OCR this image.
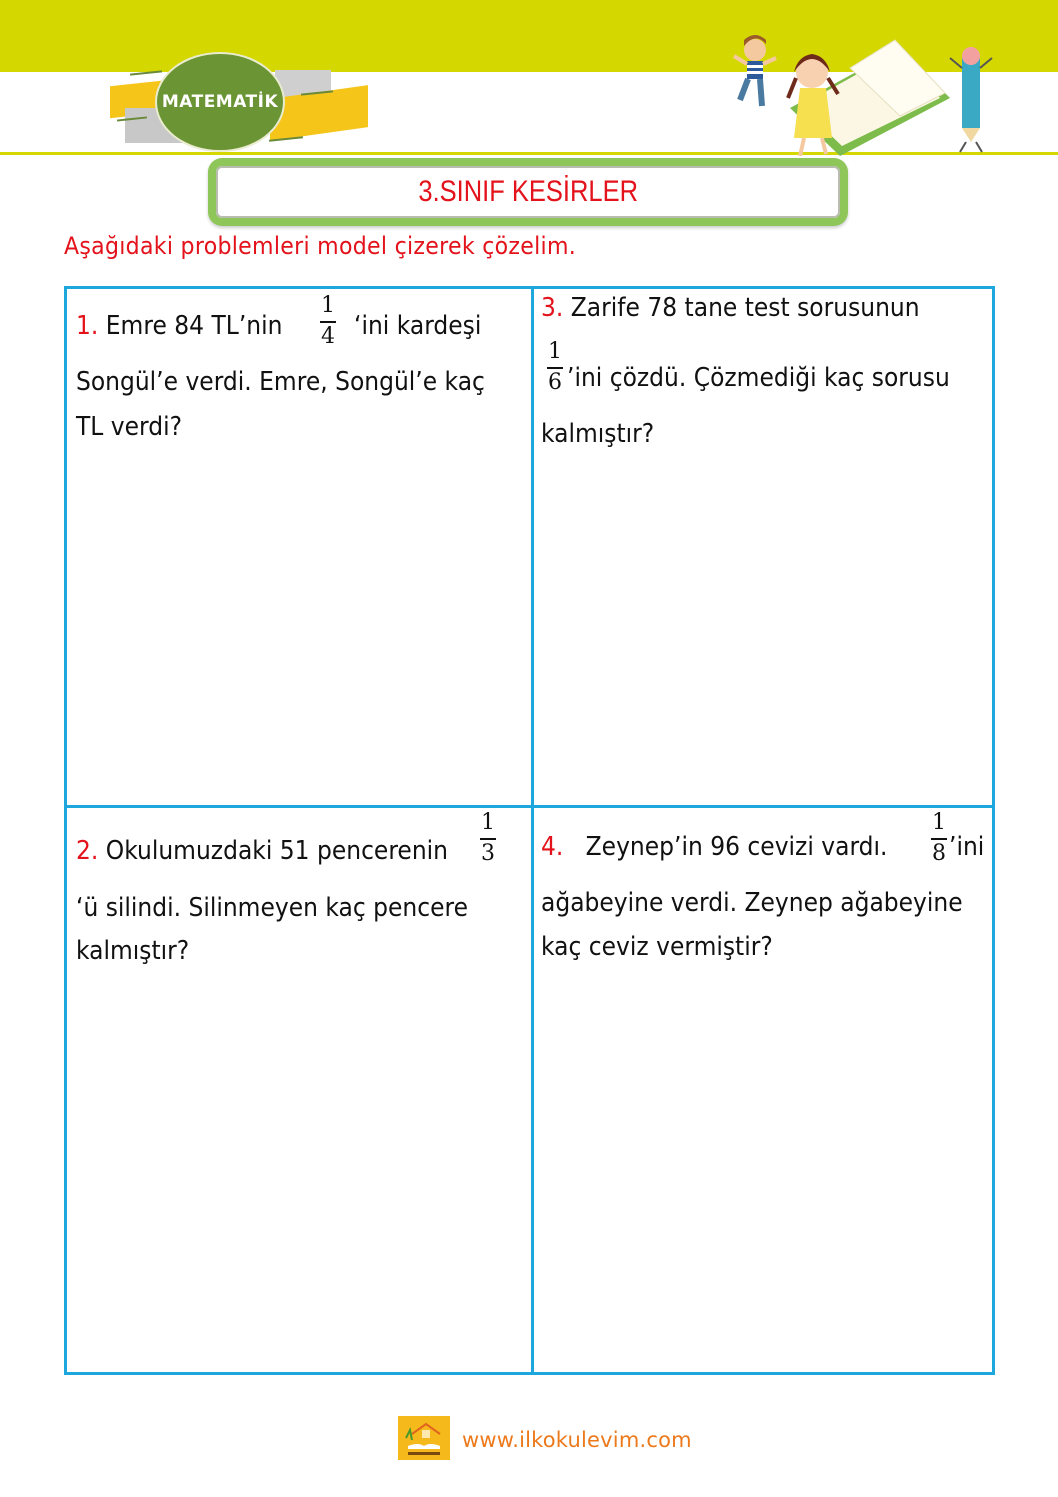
MATEMATİK
3.SINIF KESİRLER
Aşağıdaki problemleri model çizerek çözelim.
1. Emre 84 TL’nin
1
4 ‘ini kardeşi
Songül’e verdi. Emre, Songül’e kaç
TL verdi?
3. Zarife 78 tane test sorusunun
1
6 ’ini çözdü. Çözmediği kaç sorusu
kalmıştır?
2. Okulumuzdaki 51 pencerenin
1
3
‘ü silindi. Silinmeyen kaç pencere
kalmıştır?
4. Zeynep’in 96 cevizi vardı.
1
8 ’ini
ağabeyine verdi. Zeynep ağabeyine
kaç ceviz vermiştir?
www.ilkokulevim.com
